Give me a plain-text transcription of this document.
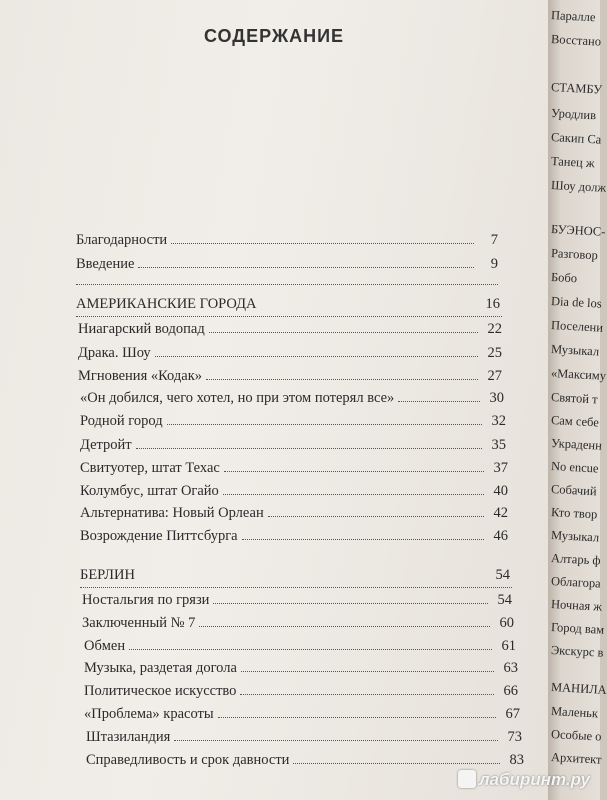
СОДЕРЖАНИЕ
Благодарности	7
Введение	9
АМЕРИКАНСКИЕ ГОРОДА	16
Ниагарский водопад	22
Драка. Шоу	25
Мгновения «Кодак»	27
«Он добился, чего хотел, но при этом потерял все»	30
Родной город	32
Детройт	35
Свитуотер, штат Техас	37
Колумбус, штат Огайо	40
Альтернатива: Новый Орлеан	42
Возрождение Питтсбурга	46
БЕРЛИН	54
Ностальгия по грязи	54
Заключенный № 7	60
Обмен	61
Музыка, раздетая догола	63
Политическое искусство	66
«Проблема» красоты	67
Штазиландия	73
Справедливость и срок давности	83
Паралле
Восстано
СТАМБУ
Уродлив
Сакип Са
Танец ж
Шоу долж
БУЭНОС-
Разговор
Бобо
Dia de los
Поселени
Музыкал
«Максиму
Святой т
Сам себе
Украденн
No encue
Собачий
Кто твор
Музыкал
Алтарь ф
Облагора
Ночная ж
Город вам
Экскурс в
МАНИЛА
Маленьк
Особые о
Архитект
лабиринт.ру
